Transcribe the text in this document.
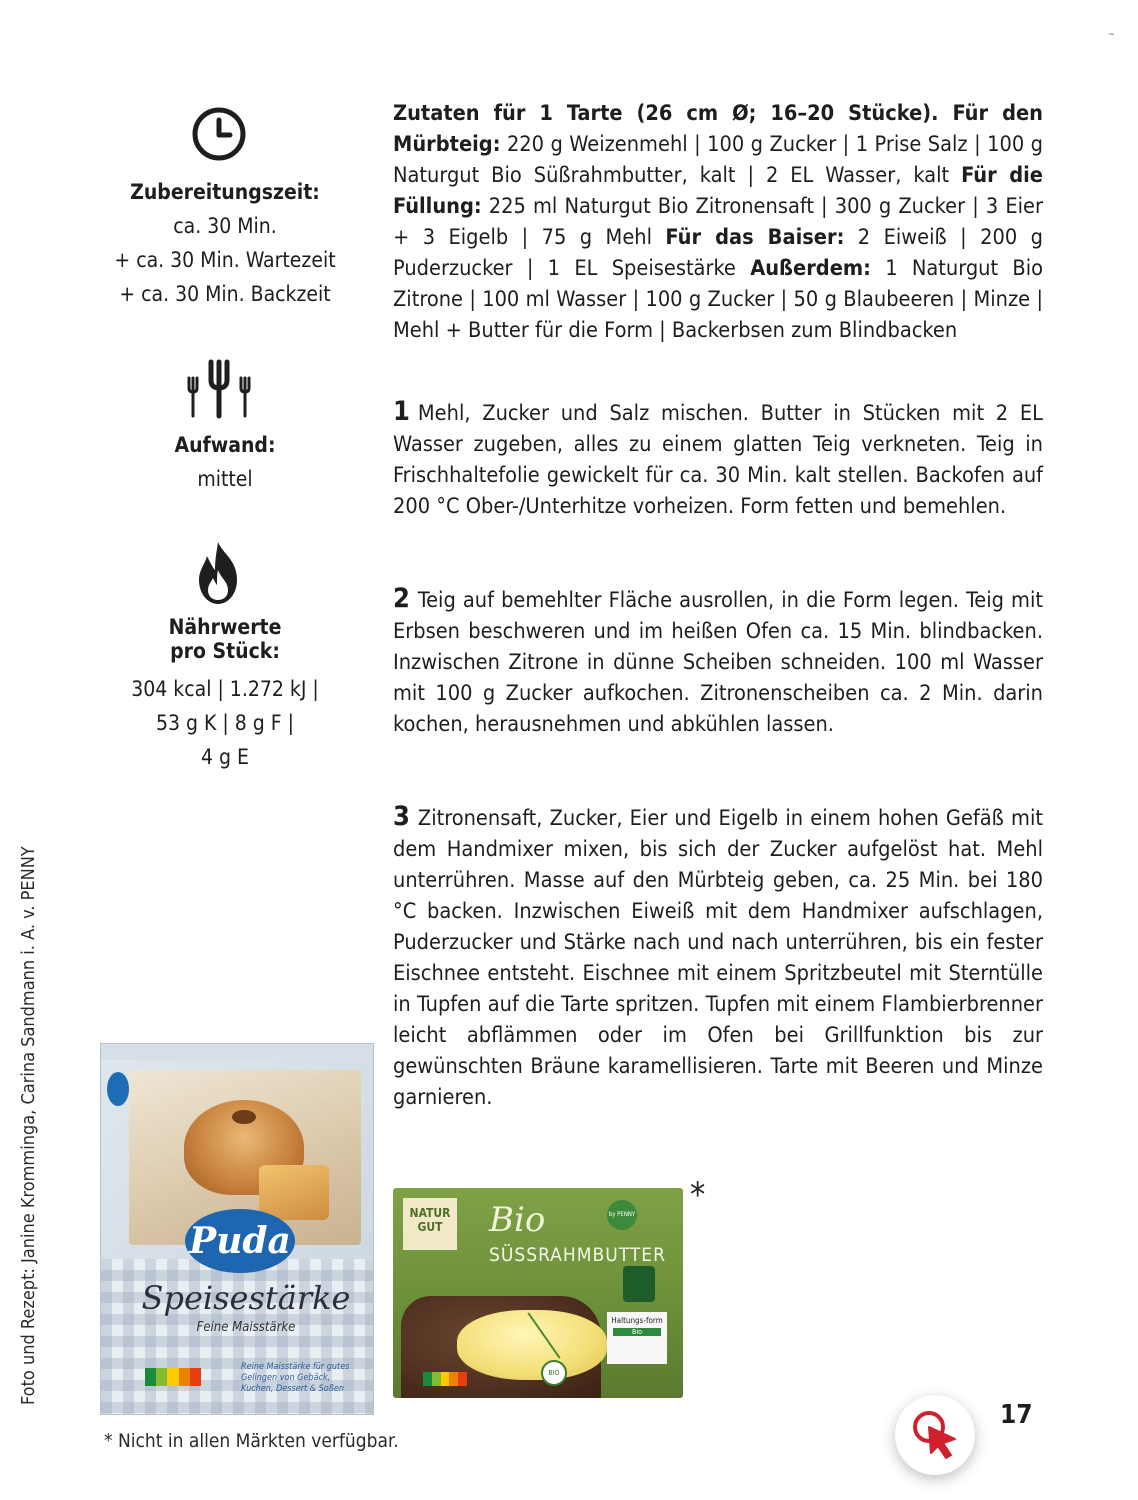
~
Zubereitungszeit:
ca. 30 Min.
+ ca. 30 Min. Wartezeit
+ ca. 30 Min. Backzeit
Aufwand:
mittel
Nährwerte
pro Stück:
304 kcal | 1.272 kJ |
53 g K | 8 g F |
4 g E
Zutaten für 1 Tarte (26 cm Ø; 16–20 Stücke). Für den Mürbteig: 220 g Weizenmehl | 100 g Zucker | 1 Prise Salz | 100 g Naturgut Bio Süßrahmbutter, kalt | 2 EL Wasser, kalt Für die Füllung: 225 ml Naturgut Bio Zitronensaft | 300 g Zucker | 3 Eier + 3 Eigelb | 75 g Mehl Für das Baiser: 2 Eiweiß | 200 g Puderzucker | 1 EL Speisestärke Außerdem: 1 Naturgut Bio Zitrone | 100 ml Wasser | 100 g Zucker | 50 g Blaubeeren | Minze | Mehl + Butter für die Form | Backerbsen zum Blindbacken
1 Mehl, Zucker und Salz mischen. Butter in Stücken mit 2 EL Wasser zugeben, alles zu einem glatten Teig verkneten. Teig in Frischhaltefolie gewickelt für ca. 30 Min. kalt stellen. Backofen auf 200 °C Ober-/Unterhitze vorheizen. Form fetten und bemehlen.
2 Teig auf bemehlter Fläche ausrollen, in die Form legen. Teig mit Erbsen beschweren und im heißen Ofen ca. 15 Min. blindbacken. Inzwischen Zitrone in dünne Scheiben schneiden. 100 ml Wasser mit 100 g Zucker aufkochen. Zitronenscheiben ca. 2 Min. darin kochen, herausnehmen und abkühlen lassen.
3 Zitronensaft, Zucker, Eier und Eigelb in einem hohen Gefäß mit dem Handmixer mixen, bis sich der Zucker aufgelöst hat. Mehl unterrühren. Masse auf den Mürbteig geben, ca. 25 Min. bei 180 °C backen. Inzwischen Eiweiß mit dem Handmixer aufschlagen, Puderzucker und Stärke nach und nach unterrühren, bis ein fester Eischnee entsteht. Eischnee mit einem Spritzbeutel mit Sterntülle in Tupfen auf die Tarte spritzen. Tupfen mit einem Flambierbrenner leicht abflämmen oder im Ofen bei Grillfunktion bis zur gewünschten Bräune karamellisieren. Tarte mit Beeren und Minze garnieren.
Foto und Rezept: Janine Kromminga, Carina Sandmann i. A. v. PENNY
* Nicht in allen Märkten verfügbar.
*
17
Puda
Speisestärke
Feine Maisstärke
Reine Maisstärke für gutes Gelingen von Gebäck, Kuchen, Dessert & Soßen
NATUR GUT	Bio	by PENNY
SÜSSRAHMBUTTER
Haltungs-form
Bio
BIO
